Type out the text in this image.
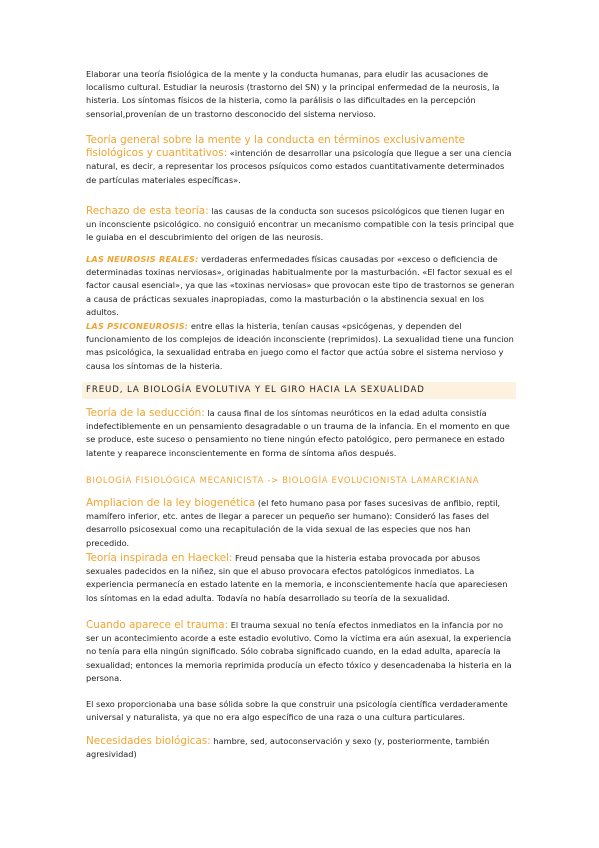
Elaborar una teoría fisiológica de la mente y la conducta humanas, para eludir las acusaciones de localismo cultural. Estudiar la neurosis (trastorno del SN) y la principal enfermedad de la neurosis, la histeria. Los síntomas físicos de la histeria, como la parálisis o las dificultades en la percepción sensorial,provenían de un trastorno desconocido del sistema nervioso.

Teoría general sobre la mente y la conducta en términos exclusivamente fisiológicos y cuantitativos: «intención de desarrollar una psicología que llegue a ser una ciencia natural, es decir, a representar los procesos psíquicos como estados cuantitativamente determinados de partículas materiales específicas».

Rechazo de esta teoría: las causas de la conducta son sucesos psicológicos que tienen lugar en un inconsciente psicológico. no consiguió encontrar un mecanismo compatible con la tesis principal que le guiaba en el descubrimiento del origen de las neurosis.

LAS NEUROSIS REALES: verdaderas enfermedades físicas causadas por «exceso o deficiencia de determinadas toxinas nerviosas», originadas habitualmente por la masturbación. «El factor sexual es el factor causal esencial», ya que las «toxinas nerviosas» que provocan este tipo de trastornos se generan a causa de prácticas sexuales inapropiadas, como la masturbación o la abstinencia sexual en los adultos.

LAS PSICONEUROSIS: entre ellas la histeria, tenían causas «psicógenas, y dependen del funcionamiento de los complejos de ideación inconsciente (reprimidos). La sexualidad tiene una funcion mas psicológica, la sexualidad entraba en juego como el factor que actúa sobre el sistema nervioso y causa los síntomas de la histeria.

FREUD, LA BIOLOGÍA EVOLUTIVA Y EL GIRO HACIA LA SEXUALIDAD

Teoría de la seducción: la causa final de los síntomas neuróticos en la edad adulta consistía indefectiblemente en un pensamiento desagradable o un trauma de la infancia. En el momento en que se produce, este suceso o pensamiento no tiene ningún efecto patológico, pero permanece en estado latente y reaparece inconscientemente en forma de síntoma años después.

BIOLOGÍA FISIOLÓGICA MECANICISTA -> BIOLOGÍA EVOLUCIONISTA LAMARCKIANA

Ampliacion de la ley biogenética (el feto humano pasa por fases sucesivas de anfibio, reptil, mamífero inferior, etc. antes de llegar a parecer un pequeño ser humano): Consideró las fases del desarrollo psicosexual como una recapitulación de la vida sexual de las especies que nos han precedido.

Teoría inspirada en Haeckel: Freud pensaba que la histeria estaba provocada por abusos sexuales padecidos en la niñez, sin que el abuso provocara efectos patológicos inmediatos. La experiencia permanecía en estado latente en la memoria, e inconscientemente hacía que apareciesen los síntomas en la edad adulta. Todavía no había desarrollado su teoría de la sexualidad.

Cuando aparece el trauma: El trauma sexual no tenía efectos inmediatos en la infancia por no ser un acontecimiento acorde a este estadio evolutivo. Como la víctima era aún asexual, la experiencia no tenía para ella ningún significado. Sólo cobraba significado cuando, en la edad adulta, aparecía la sexualidad; entonces la memoria reprimida producía un efecto tóxico y desencadenaba la histeria en la persona.

El sexo proporcionaba una base sólida sobre la que construir una psicología científica verdaderamente universal y naturalista, ya que no era algo específico de una raza o una cultura particulares.

Necesidades biológicas: hambre, sed, autoconservación y sexo (y, posteriormente, también agresividad)
